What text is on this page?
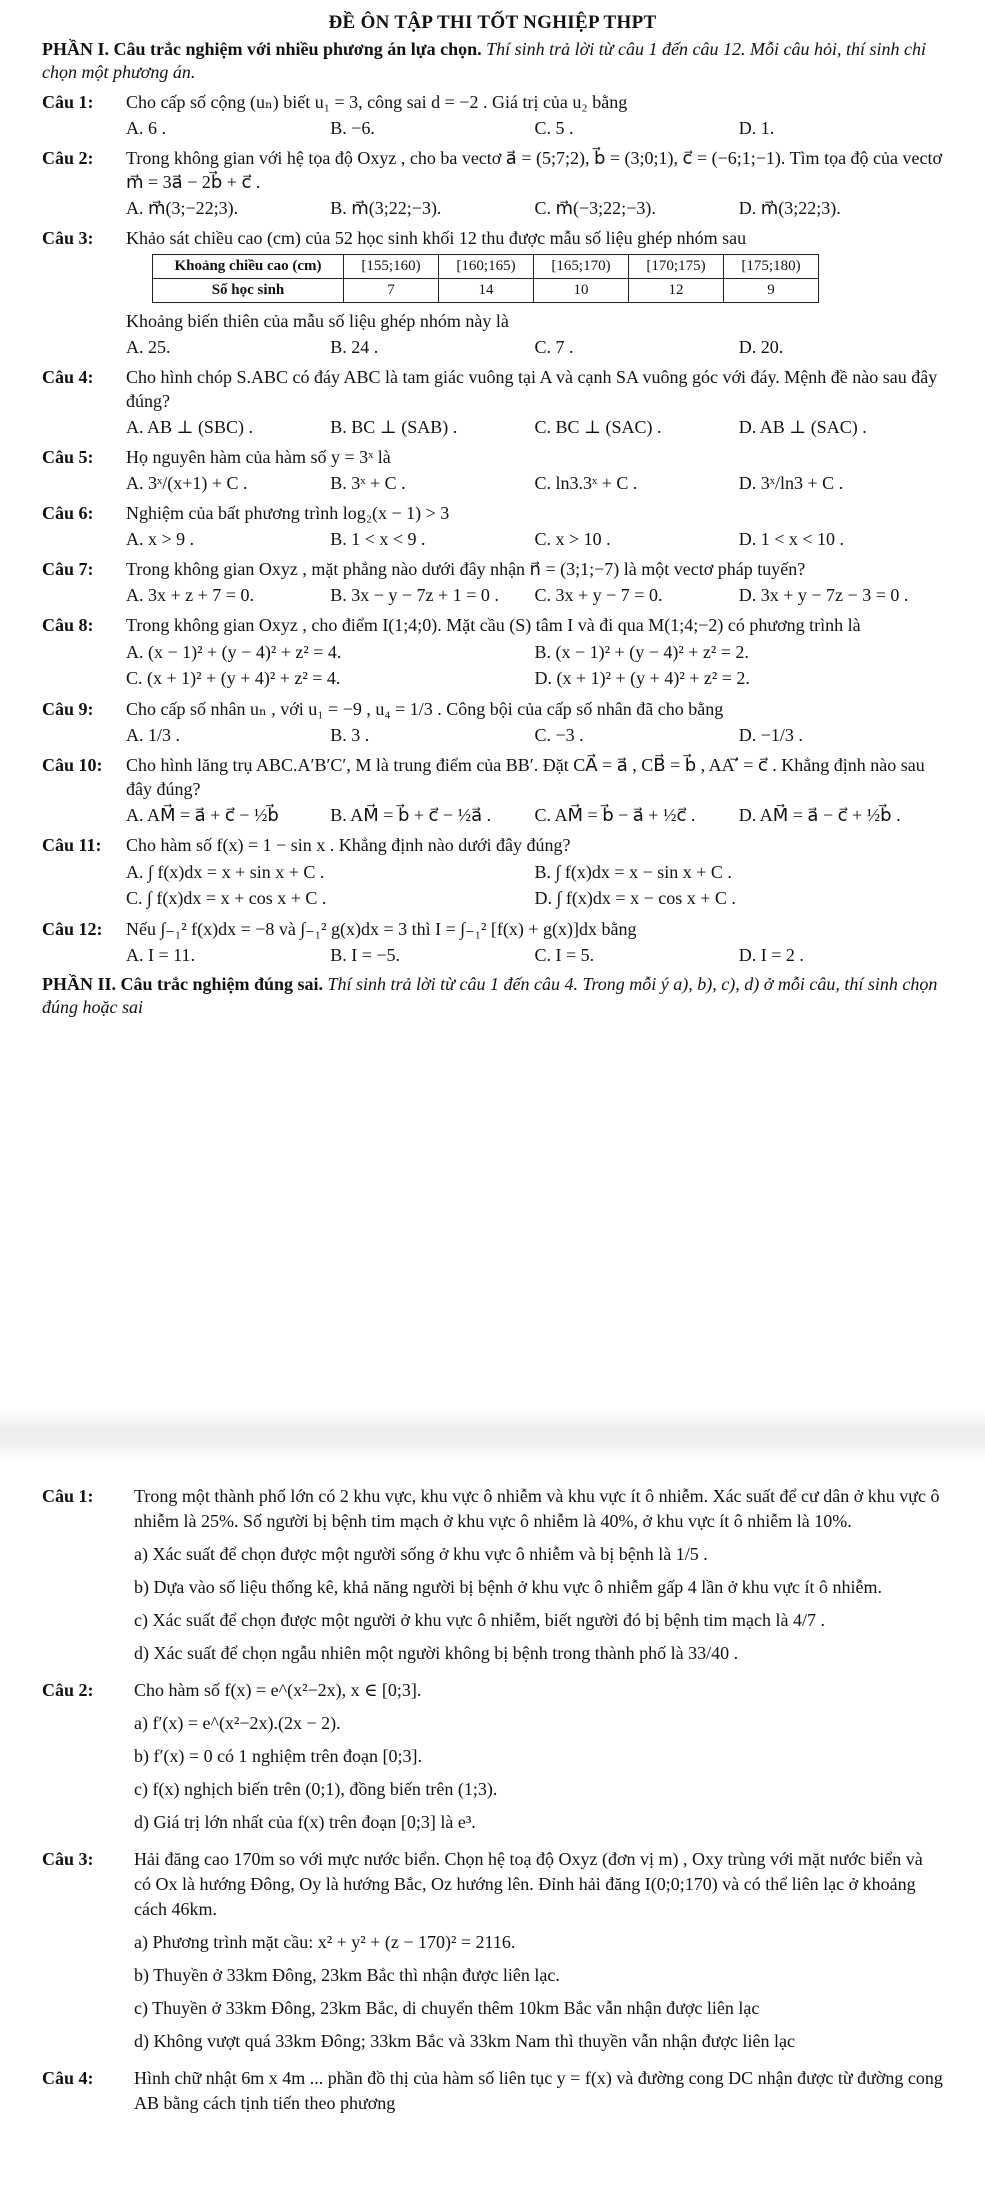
ĐỀ ÔN TẬP THI TỐT NGHIỆP THPT
PHẦN I. Câu trắc nghiệm với nhiều phương án lựa chọn. Thí sinh trả lời từ câu 1 đến câu 12. Mỗi câu hỏi, thí sinh chỉ chọn một phương án.
Câu 1:	Cho cấp số cộng (uₙ) biết u₁ = 3, công sai d = −2 . Giá trị của u₂ bằng
A. 6 .	B. −6.	C. 5 .	D. 1.
Câu 2:	Trong không gian với hệ tọa độ Oxyz , cho ba vectơ a⃗ = (5;7;2), b⃗ = (3;0;1), c⃗ = (−6;1;−1). Tìm tọa độ của vectơ m⃗ = 3a⃗ − 2b⃗ + c⃗ .
A. m⃗(3;−22;3).	B. m⃗(3;22;−3).	C. m⃗(−3;22;−3).	D. m⃗(3;22;3).
Câu 3:	Khảo sát chiều cao (cm) của 52 học sinh khối 12 thu được mẫu số liệu ghép nhóm sau
Khoảng chiều cao (cm)	[155;160)	[160;165)	[165;170)	[170;175)	[175;180)
Số học sinh	7	14	10	12	9
Khoảng biến thiên của mẫu số liệu ghép nhóm này là
A. 25.	B. 24 .	C. 7 .	D. 20.
Câu 4:	Cho hình chóp S.ABC có đáy ABC là tam giác vuông tại A và cạnh SA vuông góc với đáy. Mệnh đề nào sau đây đúng?
A. AB ⊥ (SBC) .	B. BC ⊥ (SAB) .	C. BC ⊥ (SAC) .	D. AB ⊥ (SAC) .
Câu 5:	Họ nguyên hàm của hàm số y = 3ˣ là
A. 3ˣ/(x+1) + C .	B. 3ˣ + C .	C. ln3.3ˣ + C .	D. 3ˣ/ln3 + C .
Câu 6:	Nghiệm của bất phương trình log₂(x − 1) > 3
A. x > 9 .	B. 1 < x < 9 .	C. x > 10 .	D. 1 < x < 10 .
Câu 7:	Trong không gian Oxyz , mặt phẳng nào dưới đây nhận n⃗ = (3;1;−7) là một vectơ pháp tuyến?
A. 3x + z + 7 = 0.	B. 3x − y − 7z + 1 = 0 .	C. 3x + y − 7 = 0.	D. 3x + y − 7z − 3 = 0 .
Câu 8:	Trong không gian Oxyz , cho điểm I(1;4;0). Mặt cầu (S) tâm I và đi qua M(1;4;−2) có phương trình là
A. (x − 1)² + (y − 4)² + z² = 4.	B. (x − 1)² + (y − 4)² + z² = 2.
C. (x + 1)² + (y + 4)² + z² = 4.	D. (x + 1)² + (y + 4)² + z² = 2.
Câu 9:	Cho cấp số nhân uₙ , với u₁ = −9 , u₄ = 1/3 . Công bội của cấp số nhân đã cho bằng
A. 1/3 .	B. 3 .	C. −3 .	D. −1/3 .
Câu 10:	Cho hình lăng trụ ABC.A′B′C′, M là trung điểm của BB′. Đặt CA⃗ = a⃗ , CB⃗ = b⃗ , AA′⃗ = c⃗ . Khẳng định nào sau đây đúng?
A. AM⃗ = a⃗ + c⃗ − ½b⃗	B. AM⃗ = b⃗ + c⃗ − ½a⃗ .	C. AM⃗ = b⃗ − a⃗ + ½c⃗ .	D. AM⃗ = a⃗ − c⃗ + ½b⃗ .
Câu 11:	Cho hàm số f(x) = 1 − sin x . Khẳng định nào dưới đây đúng?
A. ∫ f(x)dx = x + sin x + C .	B. ∫ f(x)dx = x − sin x + C .
C. ∫ f(x)dx = x + cos x + C .	D. ∫ f(x)dx = x − cos x + C .
Câu 12:	Nếu ∫₋₁² f(x)dx = −8 và ∫₋₁² g(x)dx = 3 thì I = ∫₋₁² [f(x) + g(x)]dx bằng
A. I = 11.	B. I = −5.	C. I = 5.	D. I = 2 .
PHẦN II. Câu trắc nghiệm đúng sai. Thí sinh trả lời từ câu 1 đến câu 4. Trong mỗi ý a), b), c), d) ở mỗi câu, thí sinh chọn đúng hoặc sai
Câu 1:	Trong một thành phố lớn có 2 khu vực, khu vực ô nhiễm và khu vực ít ô nhiễm. Xác suất để cư dân ở khu vực ô nhiễm là 25%. Số người bị bệnh tim mạch ở khu vực ô nhiễm là 40%, ở khu vực ít ô nhiễm là 10%.
a) Xác suất để chọn được một người sống ở khu vực ô nhiễm và bị bệnh là 1/5 .
b) Dựa vào số liệu thống kê, khả năng người bị bệnh ở khu vực ô nhiễm gấp 4 lần ở khu vực ít ô nhiễm.
c) Xác suất để chọn được một người ở khu vực ô nhiễm, biết người đó bị bệnh tim mạch là 4/7 .
d) Xác suất để chọn ngẫu nhiên một người không bị bệnh trong thành phố là 33/40 .
Câu 2:	Cho hàm số f(x) = e^(x²−2x), x ∈ [0;3].
a) f′(x) = e^(x²−2x).(2x − 2).
b) f′(x) = 0 có 1 nghiệm trên đoạn [0;3].
c) f(x) nghịch biến trên (0;1), đồng biến trên (1;3).
d) Giá trị lớn nhất của f(x) trên đoạn [0;3] là e³.
Câu 3:	Hải đăng cao 170m so với mực nước biển. Chọn hệ toạ độ Oxyz (đơn vị m) , Oxy trùng với mặt nước biển và có Ox là hướng Đông, Oy là hướng Bắc, Oz hướng lên. Đỉnh hải đăng I(0;0;170) và có thể liên lạc ở khoảng cách 46km.
a) Phương trình mặt cầu: x² + y² + (z − 170)² = 2116.
b) Thuyền ở 33km Đông, 23km Bắc thì nhận được liên lạc.
c) Thuyền ở 33km Đông, 23km Bắc, di chuyển thêm 10km Bắc vẫn nhận được liên lạc
d) Không vượt quá 33km Đông; 33km Bắc và 33km Nam thì thuyền vẫn nhận được liên lạc
Câu 4:	Hình chữ nhật 6m x 4m ... phần đồ thị của hàm số liên tục y = f(x) và đường cong DC nhận được từ đường cong AB bằng cách tịnh tiến theo phương
